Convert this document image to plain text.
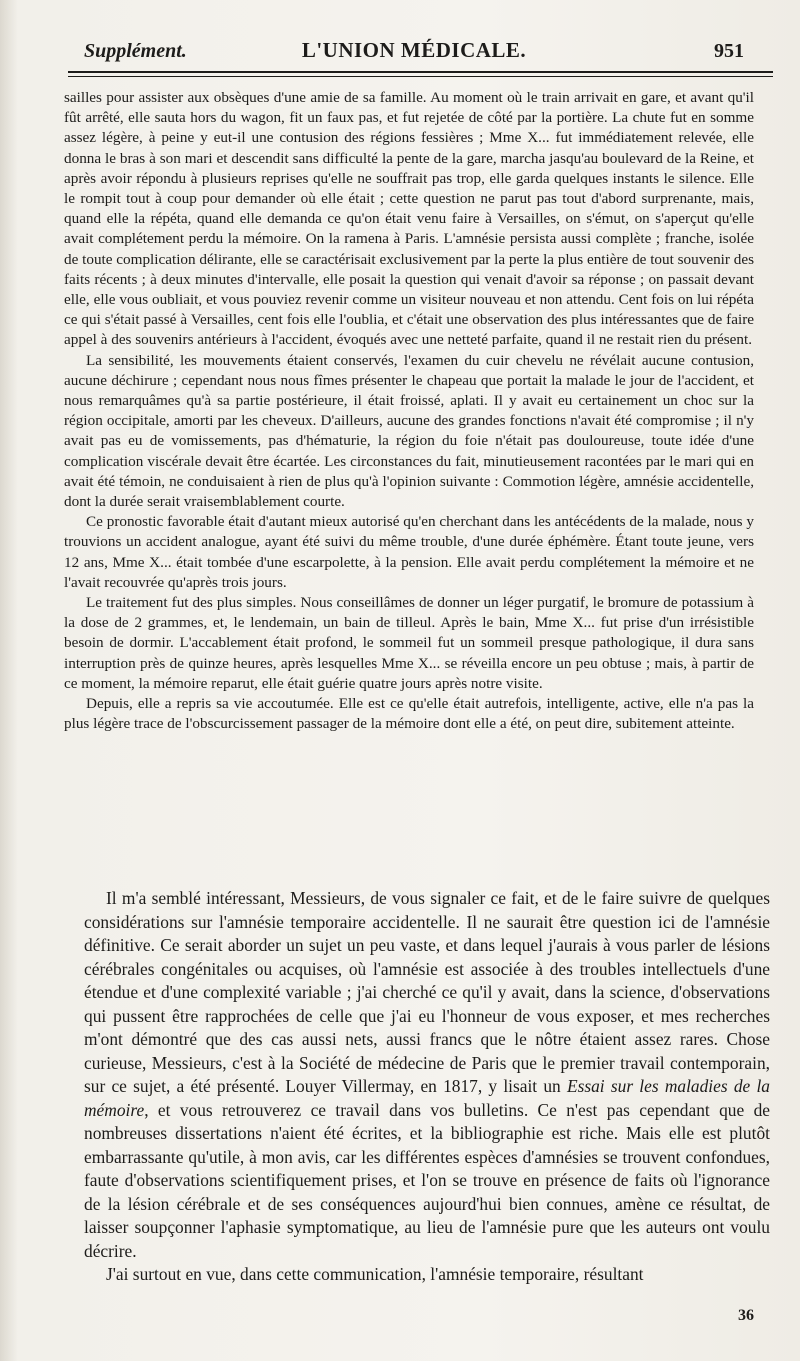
Supplément.	L'UNION MÉDICALE.	951

sailles pour assister aux obsèques d'une amie de sa famille. Au moment où le train arrivait en gare, et avant qu'il fût arrêté, elle sauta hors du wagon, fit un faux pas, et fut rejetée de côté par la portière. La chute fut en somme assez légère, à peine y eut-il une contusion des régions fessières ; Mme X... fut immédiatement relevée, elle donna le bras à son mari et descendit sans difficulté la pente de la gare, marcha jasqu'au boulevard de la Reine, et après avoir répondu à plusieurs reprises qu'elle ne souffrait pas trop, elle garda quelques instants le silence. Elle le rompit tout à coup pour demander où elle était ; cette question ne parut pas tout d'abord surprenante, mais, quand elle la répéta, quand elle demanda ce qu'on était venu faire à Versailles, on s'émut, on s'aperçut qu'elle avait complétement perdu la mémoire. On la ramena à Paris. L'amnésie persista aussi complète ; franche, isolée de toute complication délirante, elle se caractérisait exclusivement par la perte la plus entière de tout souvenir des faits récents ; à deux minutes d'intervalle, elle posait la question qui venait d'avoir sa réponse ; on passait devant elle, elle vous oubliait, et vous pouviez revenir comme un visiteur nouveau et non attendu. Cent fois on lui répéta ce qui s'était passé à Versailles, cent fois elle l'oublia, et c'était une observation des plus intéressantes que de faire appel à des souvenirs antérieurs à l'accident, évoqués avec une netteté parfaite, quand il ne restait rien du présent.

La sensibilité, les mouvements étaient conservés, l'examen du cuir chevelu ne révélait aucune contusion, aucune déchirure ; cependant nous nous fîmes présenter le chapeau que portait la malade le jour de l'accident, et nous remarquâmes qu'à sa partie postérieure, il était froissé, aplati. Il y avait eu certainement un choc sur la région occipitale, amorti par les cheveux. D'ailleurs, aucune des grandes fonctions n'avait été compromise ; il n'y avait pas eu de vomissements, pas d'hématurie, la région du foie n'était pas douloureuse, toute idée d'une complication viscérale devait être écartée. Les circonstances du fait, minutieusement racontées par le mari qui en avait été témoin, ne conduisaient à rien de plus qu'à l'opinion suivante : Commotion légère, amnésie accidentelle, dont la durée serait vraisemblablement courte.

Ce pronostic favorable était d'autant mieux autorisé qu'en cherchant dans les antécédents de la malade, nous y trouvions un accident analogue, ayant été suivi du même trouble, d'une durée éphémère. Étant toute jeune, vers 12 ans, Mme X... était tombée d'une escarpolette, à la pension. Elle avait perdu complétement la mémoire et ne l'avait recouvrée qu'après trois jours.

Le traitement fut des plus simples. Nous conseillâmes de donner un léger purgatif, le bromure de potassium à la dose de 2 grammes, et, le lendemain, un bain de tilleul. Après le bain, Mme X... fut prise d'un irrésistible besoin de dormir. L'accablement était profond, le sommeil fut un sommeil presque pathologique, il dura sans interruption près de quinze heures, après lesquelles Mme X... se réveilla encore un peu obtuse ; mais, à partir de ce moment, la mémoire reparut, elle était guérie quatre jours après notre visite.

Depuis, elle a repris sa vie accoutumée. Elle est ce qu'elle était autrefois, intelligente, active, elle n'a pas la plus légère trace de l'obscurcissement passager de la mémoire dont elle a été, on peut dire, subitement atteinte.

Il m'a semblé intéressant, Messieurs, de vous signaler ce fait, et de le faire suivre de quelques considérations sur l'amnésie temporaire accidentelle. Il ne saurait être question ici de l'amnésie définitive. Ce serait aborder un sujet un peu vaste, et dans lequel j'aurais à vous parler de lésions cérébrales congénitales ou acquises, où l'amnésie est associée à des troubles intellectuels d'une étendue et d'une complexité variable ; j'ai cherché ce qu'il y avait, dans la science, d'observations qui pussent être rapprochées de celle que j'ai eu l'honneur de vous exposer, et mes recherches m'ont démontré que des cas aussi nets, aussi francs que le nôtre étaient assez rares. Chose curieuse, Messieurs, c'est à la Société de médecine de Paris que le premier travail contemporain, sur ce sujet, a été présenté. Louyer Villermay, en 1817, y lisait un Essai sur les maladies de la mémoire, et vous retrouverez ce travail dans vos bulletins. Ce n'est pas cependant que de nombreuses dissertations n'aient été écrites, et la bibliographie est riche. Mais elle est plutôt embarrassante qu'utile, à mon avis, car les différentes espèces d'amnésies se trouvent confondues, faute d'observations scientifiquement prises, et l'on se trouve en présence de faits où l'ignorance de la lésion cérébrale et de ses conséquences aujourd'hui bien connues, amène ce résultat, de laisser soupçonner l'aphasie symptomatique, au lieu de l'amnésie pure que les auteurs ont voulu décrire.

J'ai surtout en vue, dans cette communication, l'amnésie temporaire, résultant

36
